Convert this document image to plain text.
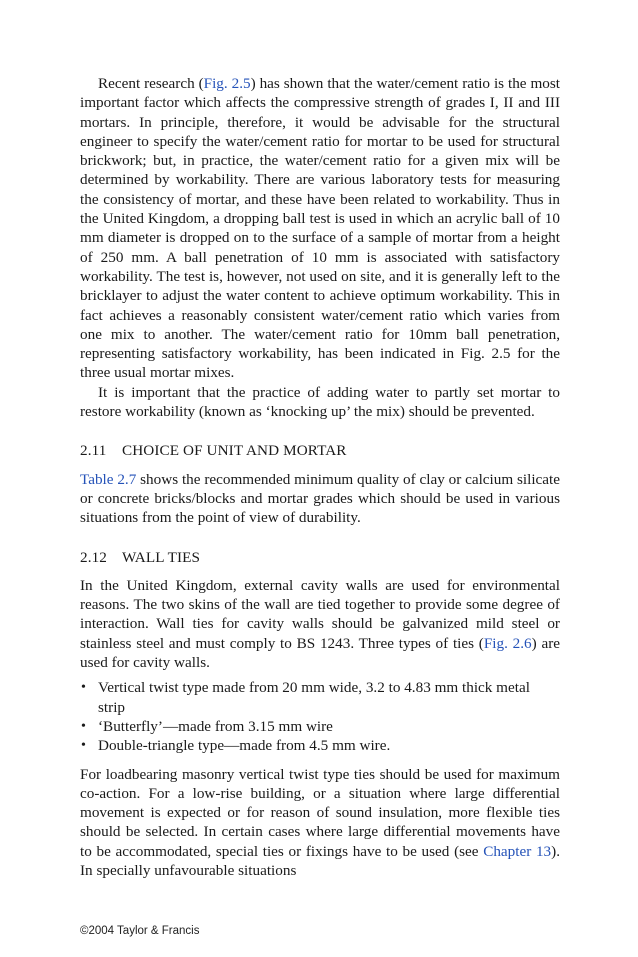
Recent research (Fig. 2.5) has shown that the water/cement ratio is the most important factor which affects the compressive strength of grades I, II and III mortars. In principle, therefore, it would be advisable for the structural engineer to specify the water/cement ratio for mortar to be used for structural brickwork; but, in practice, the water/cement ratio for a given mix will be determined by workability. There are various laboratory tests for measuring the consistency of mortar, and these have been related to workability. Thus in the United Kingdom, a dropping ball test is used in which an acrylic ball of 10 mm diameter is dropped on to the surface of a sample of mortar from a height of 250 mm. A ball penetration of 10 mm is associated with satisfactory workability. The test is, however, not used on site, and it is generally left to the bricklayer to adjust the water content to achieve optimum workability. This in fact achieves a reasonably consistent water/cement ratio which varies from one mix to another. The water/cement ratio for 10mm ball penetration, representing satisfactory workability, has been indicated in Fig. 2.5 for the three usual mortar mixes.

It is important that the practice of adding water to partly set mortar to restore workability (known as ‘knocking up’ the mix) should be prevented.

2.11 CHOICE OF UNIT AND MORTAR

Table 2.7 shows the recommended minimum quality of clay or calcium silicate or concrete bricks/blocks and mortar grades which should be used in various situations from the point of view of durability.

2.12 WALL TIES

In the United Kingdom, external cavity walls are used for environmental reasons. The two skins of the wall are tied together to provide some degree of interaction. Wall ties for cavity walls should be galvanized mild steel or stainless steel and must comply to BS 1243. Three types of ties (Fig. 2.6) are used for cavity walls.

• Vertical twist type made from 20 mm wide, 3.2 to 4.83 mm thick metal strip
• ‘Butterfly’—made from 3.15 mm wire
• Double-triangle type—made from 4.5 mm wire.

For loadbearing masonry vertical twist type ties should be used for maximum co-action. For a low-rise building, or a situation where large differential movement is expected or for reason of sound insulation, more flexible ties should be selected. In certain cases where large differential movements have to be accommodated, special ties or fixings have to be used (see Chapter 13). In specially unfavourable situations

©2004 Taylor & Francis
